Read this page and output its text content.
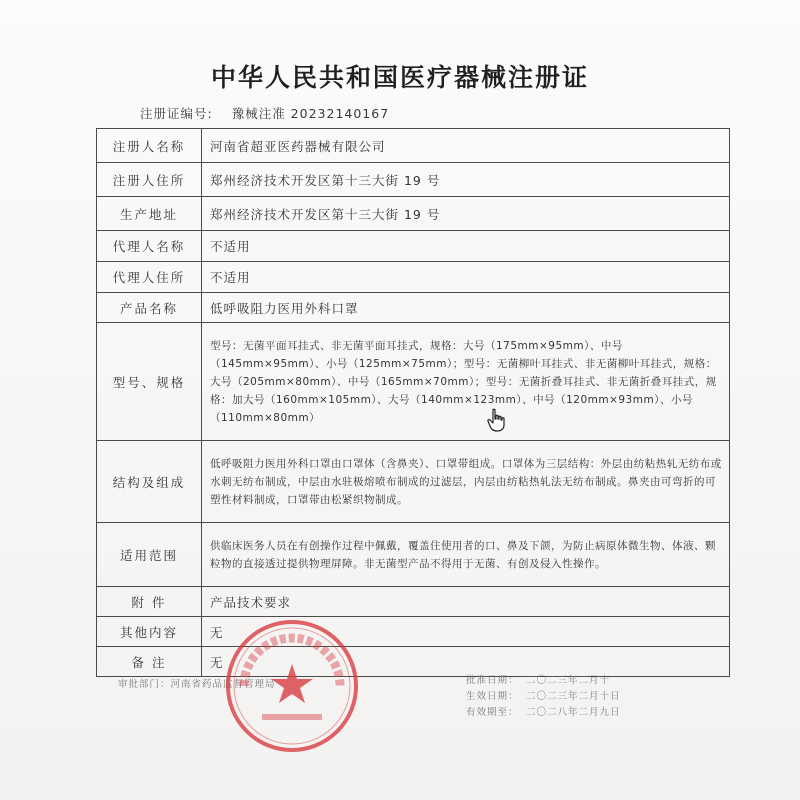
中华人民共和国医疗器械注册证
注册证编号: 豫械注准 20232140167
注册人名称	河南省超亚医药器械有限公司
注册人住所	郑州经济技术开发区第十三大街 19 号
生产地址	郑州经济技术开发区第十三大街 19 号
代理人名称	不适用
代理人住所	不适用
产品名称	低呼吸阻力医用外科口罩
型号、规格	型号：无菌平面耳挂式、非无菌平面耳挂式，规格：大号（175mm×95mm）、中号（145mm×95mm）、小号（125mm×75mm）；型号：无菌柳叶耳挂式、非无菌柳叶耳挂式，规格：大号（205mm×80mm）、中号（165mm×70mm）；型号：无菌折叠耳挂式、非无菌折叠耳挂式，规格：加大号（160mm×105mm）、大号（140mm×123mm）、中号（120mm×93mm）、小号（110mm×80mm）
结构及组成	低呼吸阻力医用外科口罩由口罩体（含鼻夹）、口罩带组成。口罩体为三层结构：外层由纺粘热轧无纺布或水刺无纺布制成，中层由水驻极熔喷布制成的过滤层，内层由纺粘热轧法无纺布制成。鼻夹由可弯折的可塑性材料制成，口罩带由松紧织物制成。
适用范围	供临床医务人员在有创操作过程中佩戴，覆盖住使用者的口、鼻及下颌，为防止病原体微生物、体液、颗粒物的直接透过提供物理屏障。非无菌型产品不得用于无菌、有创及侵入性操作。
附 件	产品技术要求
其他内容	无
备 注	无
审批部门：河南省药品监督管理局	批准日期： 二〇二三年二月十
生效日期： 二〇二三年二月十日
有效期至： 二〇二八年二月九日
